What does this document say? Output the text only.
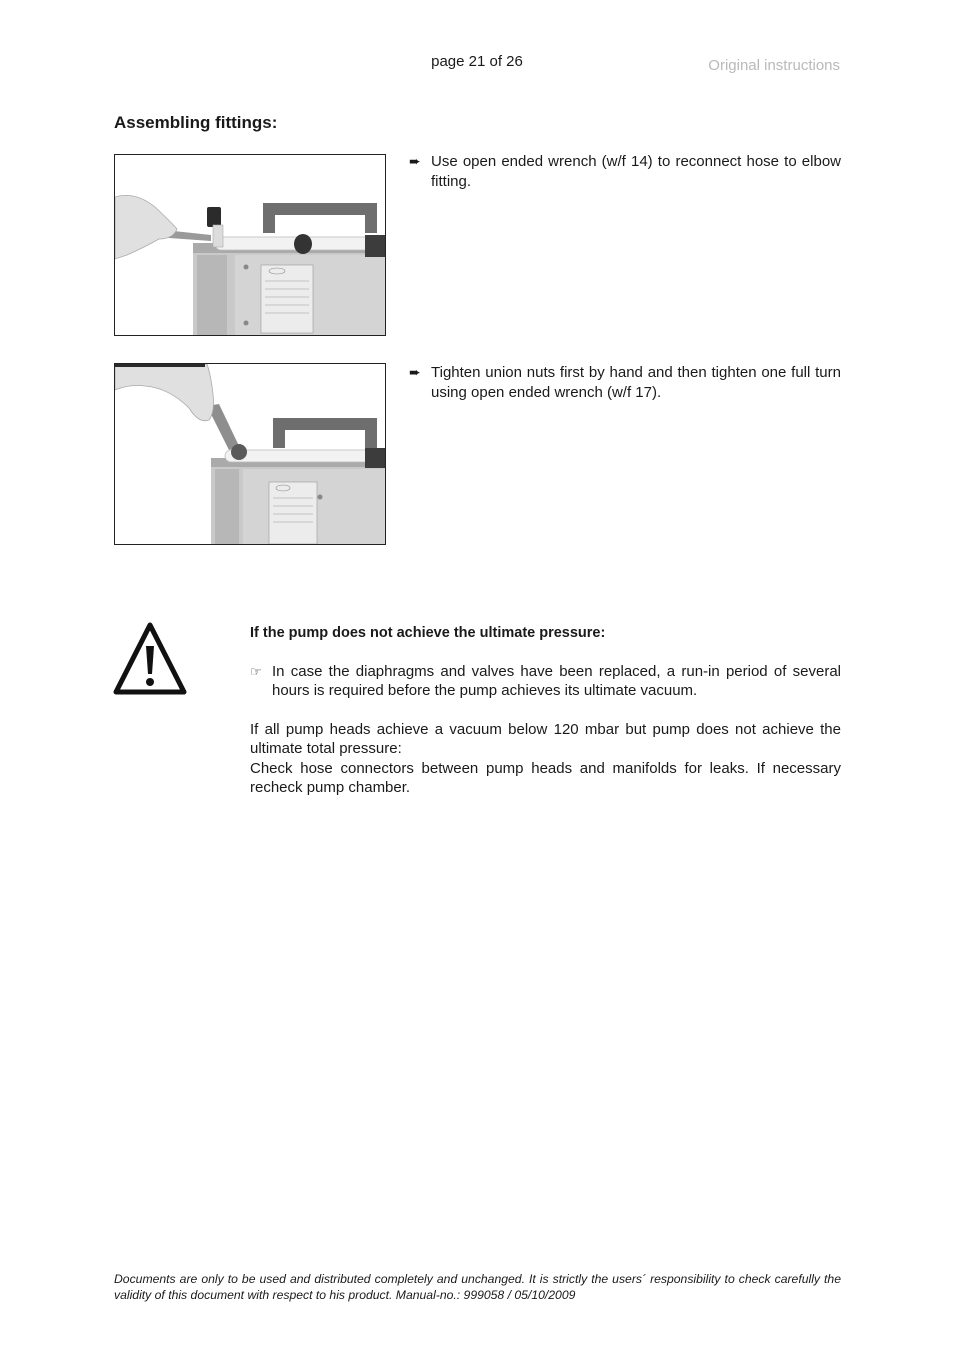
page 21 of 26	Original instructions
Assembling fittings:
➨ Use open ended wrench (w/f 14) to reconnect hose to elbow fitting.
➨ Tighten union nuts first by hand and then tighten one full turn using open ended wrench (w/f 17).
If the pump does not achieve the ultimate pressure:
☞ In case the diaphragms and valves have been replaced, a run-in period of several hours is required before the pump achieves its ultimate vacuum.

If all pump heads achieve a vacuum below 120 mbar but pump does not achieve the ultimate total pressure:

Check hose connectors between pump heads and manifolds for leaks. If necessary recheck pump chamber.

Documents are only to be used and distributed completely and unchanged. It is strictly the users´ responsibility to check carefully the validity of this document with respect to his product. Manual-no.: 999058 / 05/10/2009
